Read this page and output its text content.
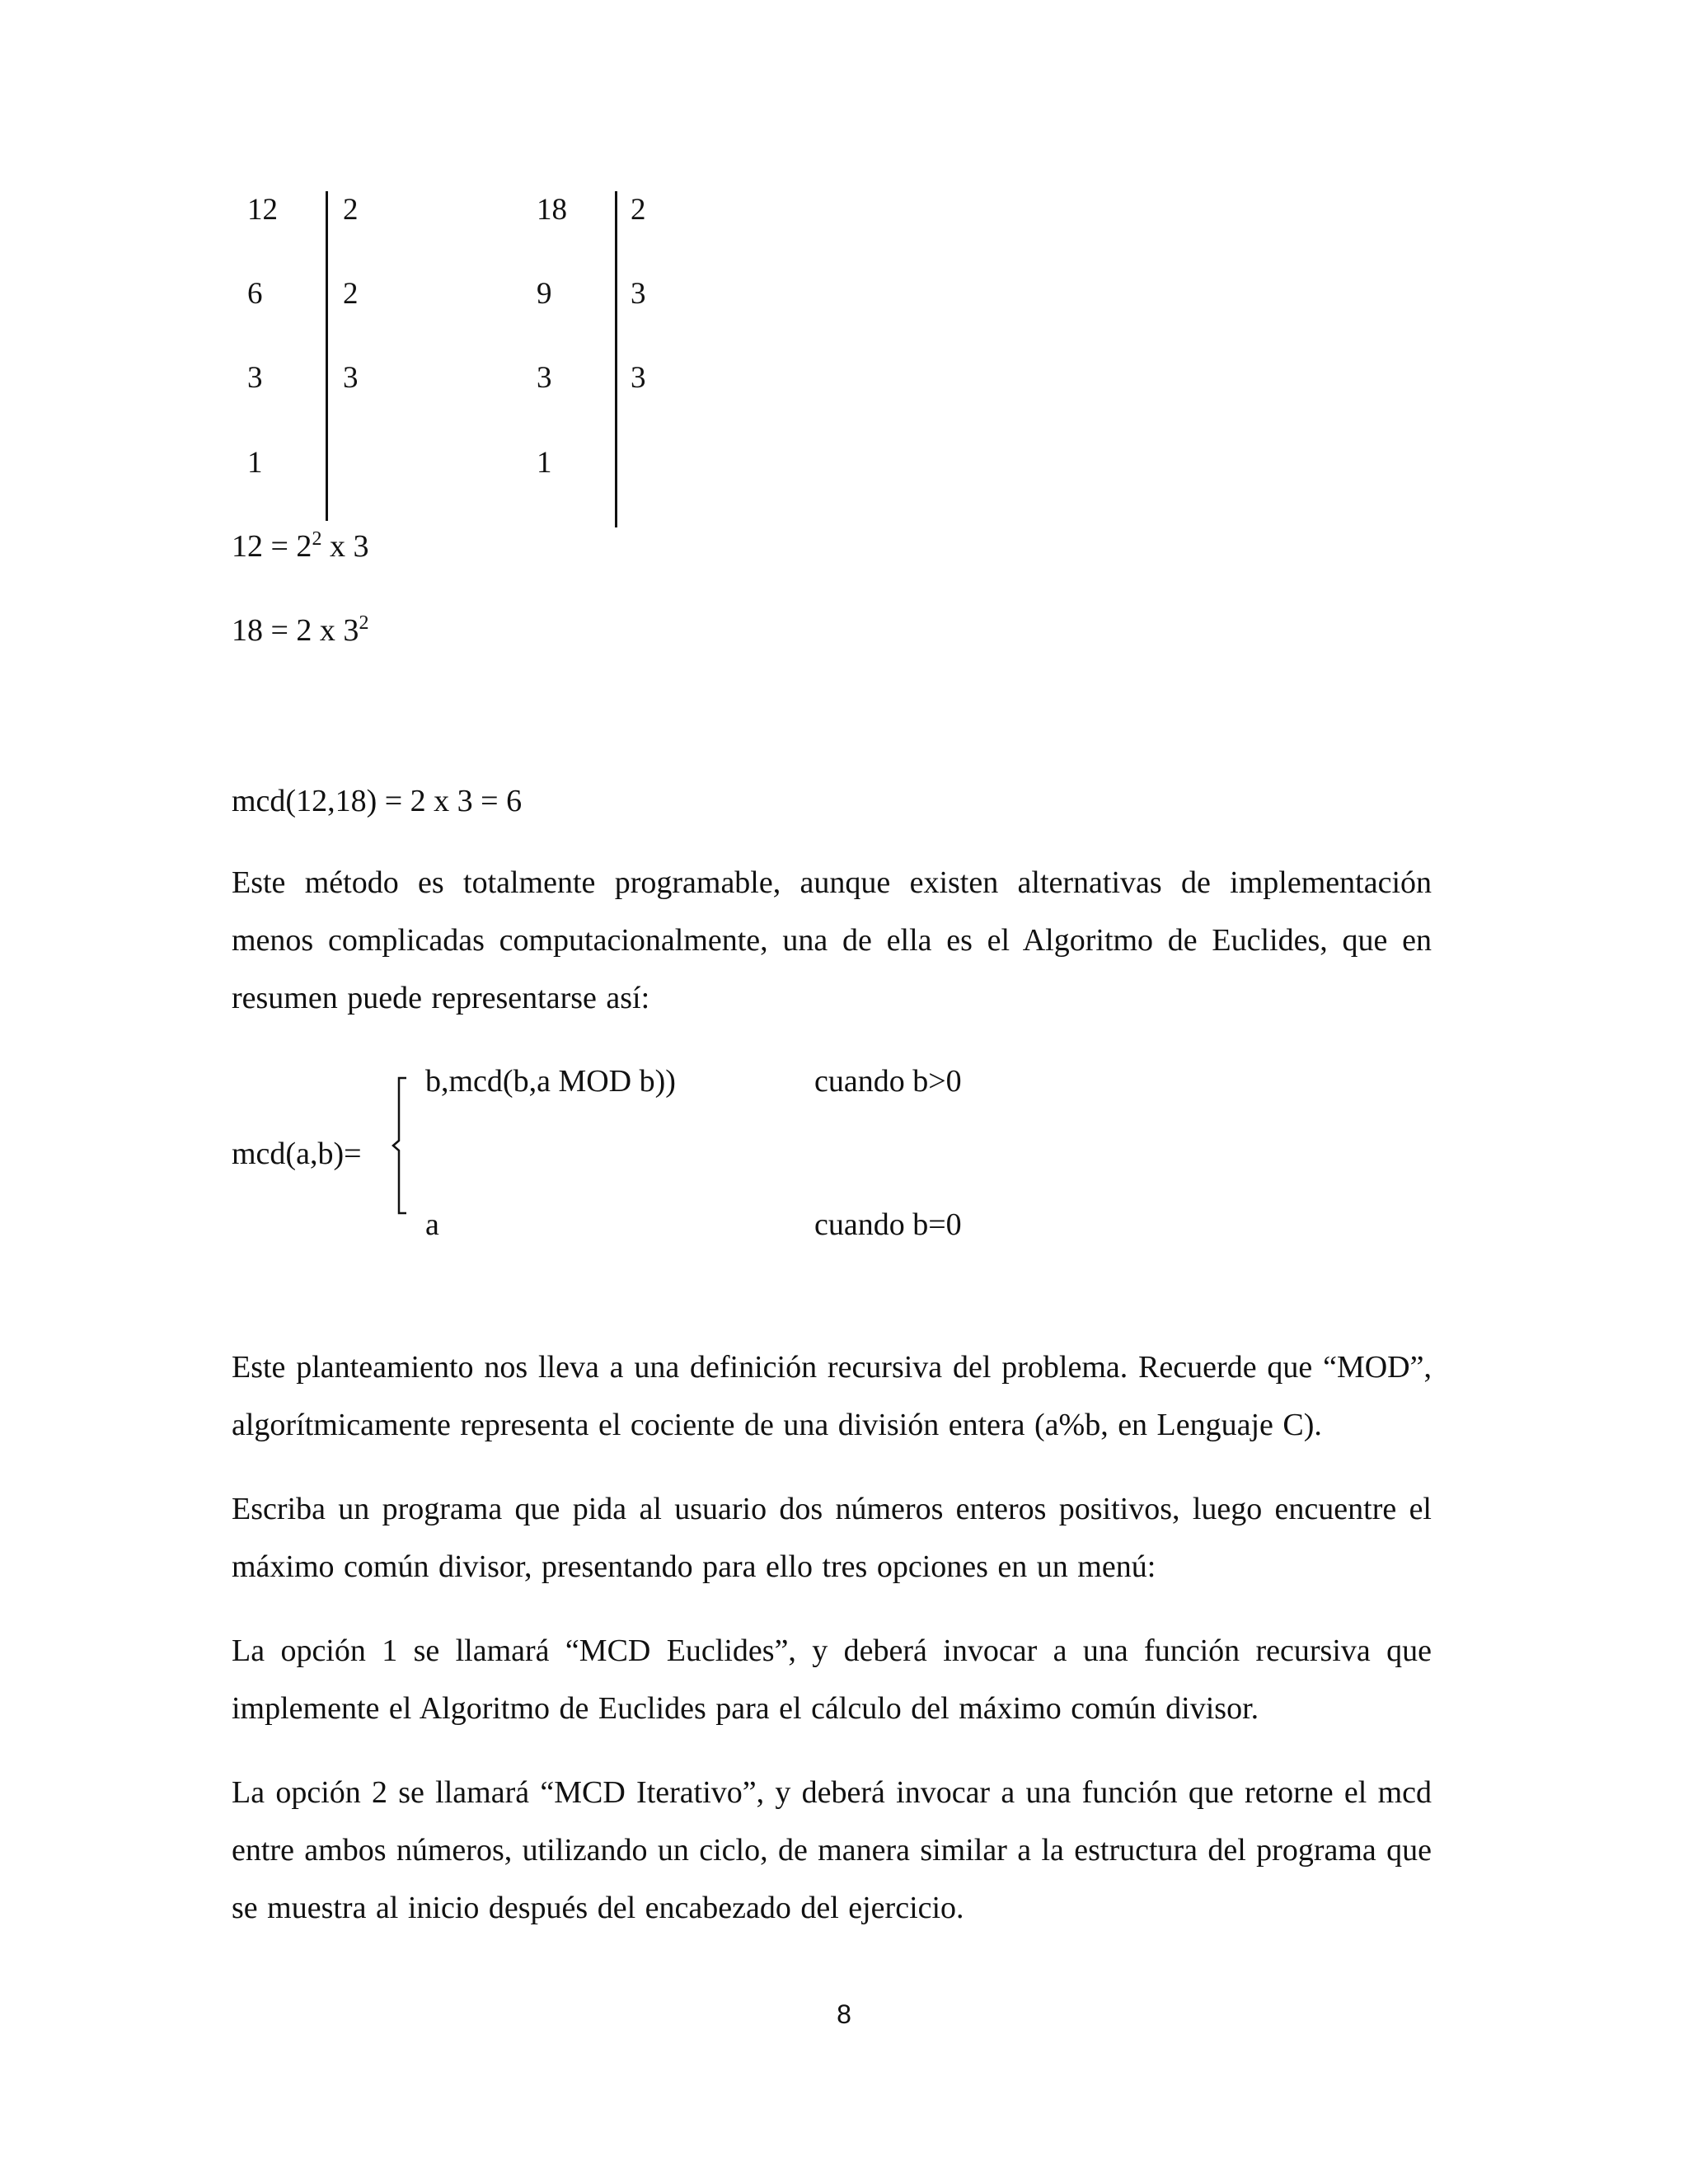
12
6
3
1
2
2
3
18
9
3
1
2
3
3
$12 = 2^2$ x 3
18 = 2 x $3^2$
mcd(12,18) = 2 x 3 = 6
Este método es totalmente programable, aunque existen alternativas de implementación
menos complicadas computacionalmente, una de ella es el Algoritmo de Euclides, que en
resumen puede representarse así:
mcd(a,b)=
b,mcd(b,a MOD b))	cuando b>0
a	cuando b=0
Este planteamiento nos lleva a una definición recursiva del problema. Recuerde que “MOD”,
algorítmicamente representa el cociente de una división entera (a%b, en Lenguaje C).
Escriba un programa que pida al usuario dos números enteros positivos, luego encuentre el
máximo común divisor, presentando para ello tres opciones en un menú:
La opción 1 se llamará “MCD Euclides”, y deberá invocar a una función recursiva que
implemente el Algoritmo de Euclides para el cálculo del máximo común divisor.
La opción 2 se llamará “MCD Iterativo”, y deberá invocar a una función que retorne el mcd
entre ambos números, utilizando un ciclo, de manera similar a la estructura del programa que
se muestra al inicio después del encabezado del ejercicio.
8
